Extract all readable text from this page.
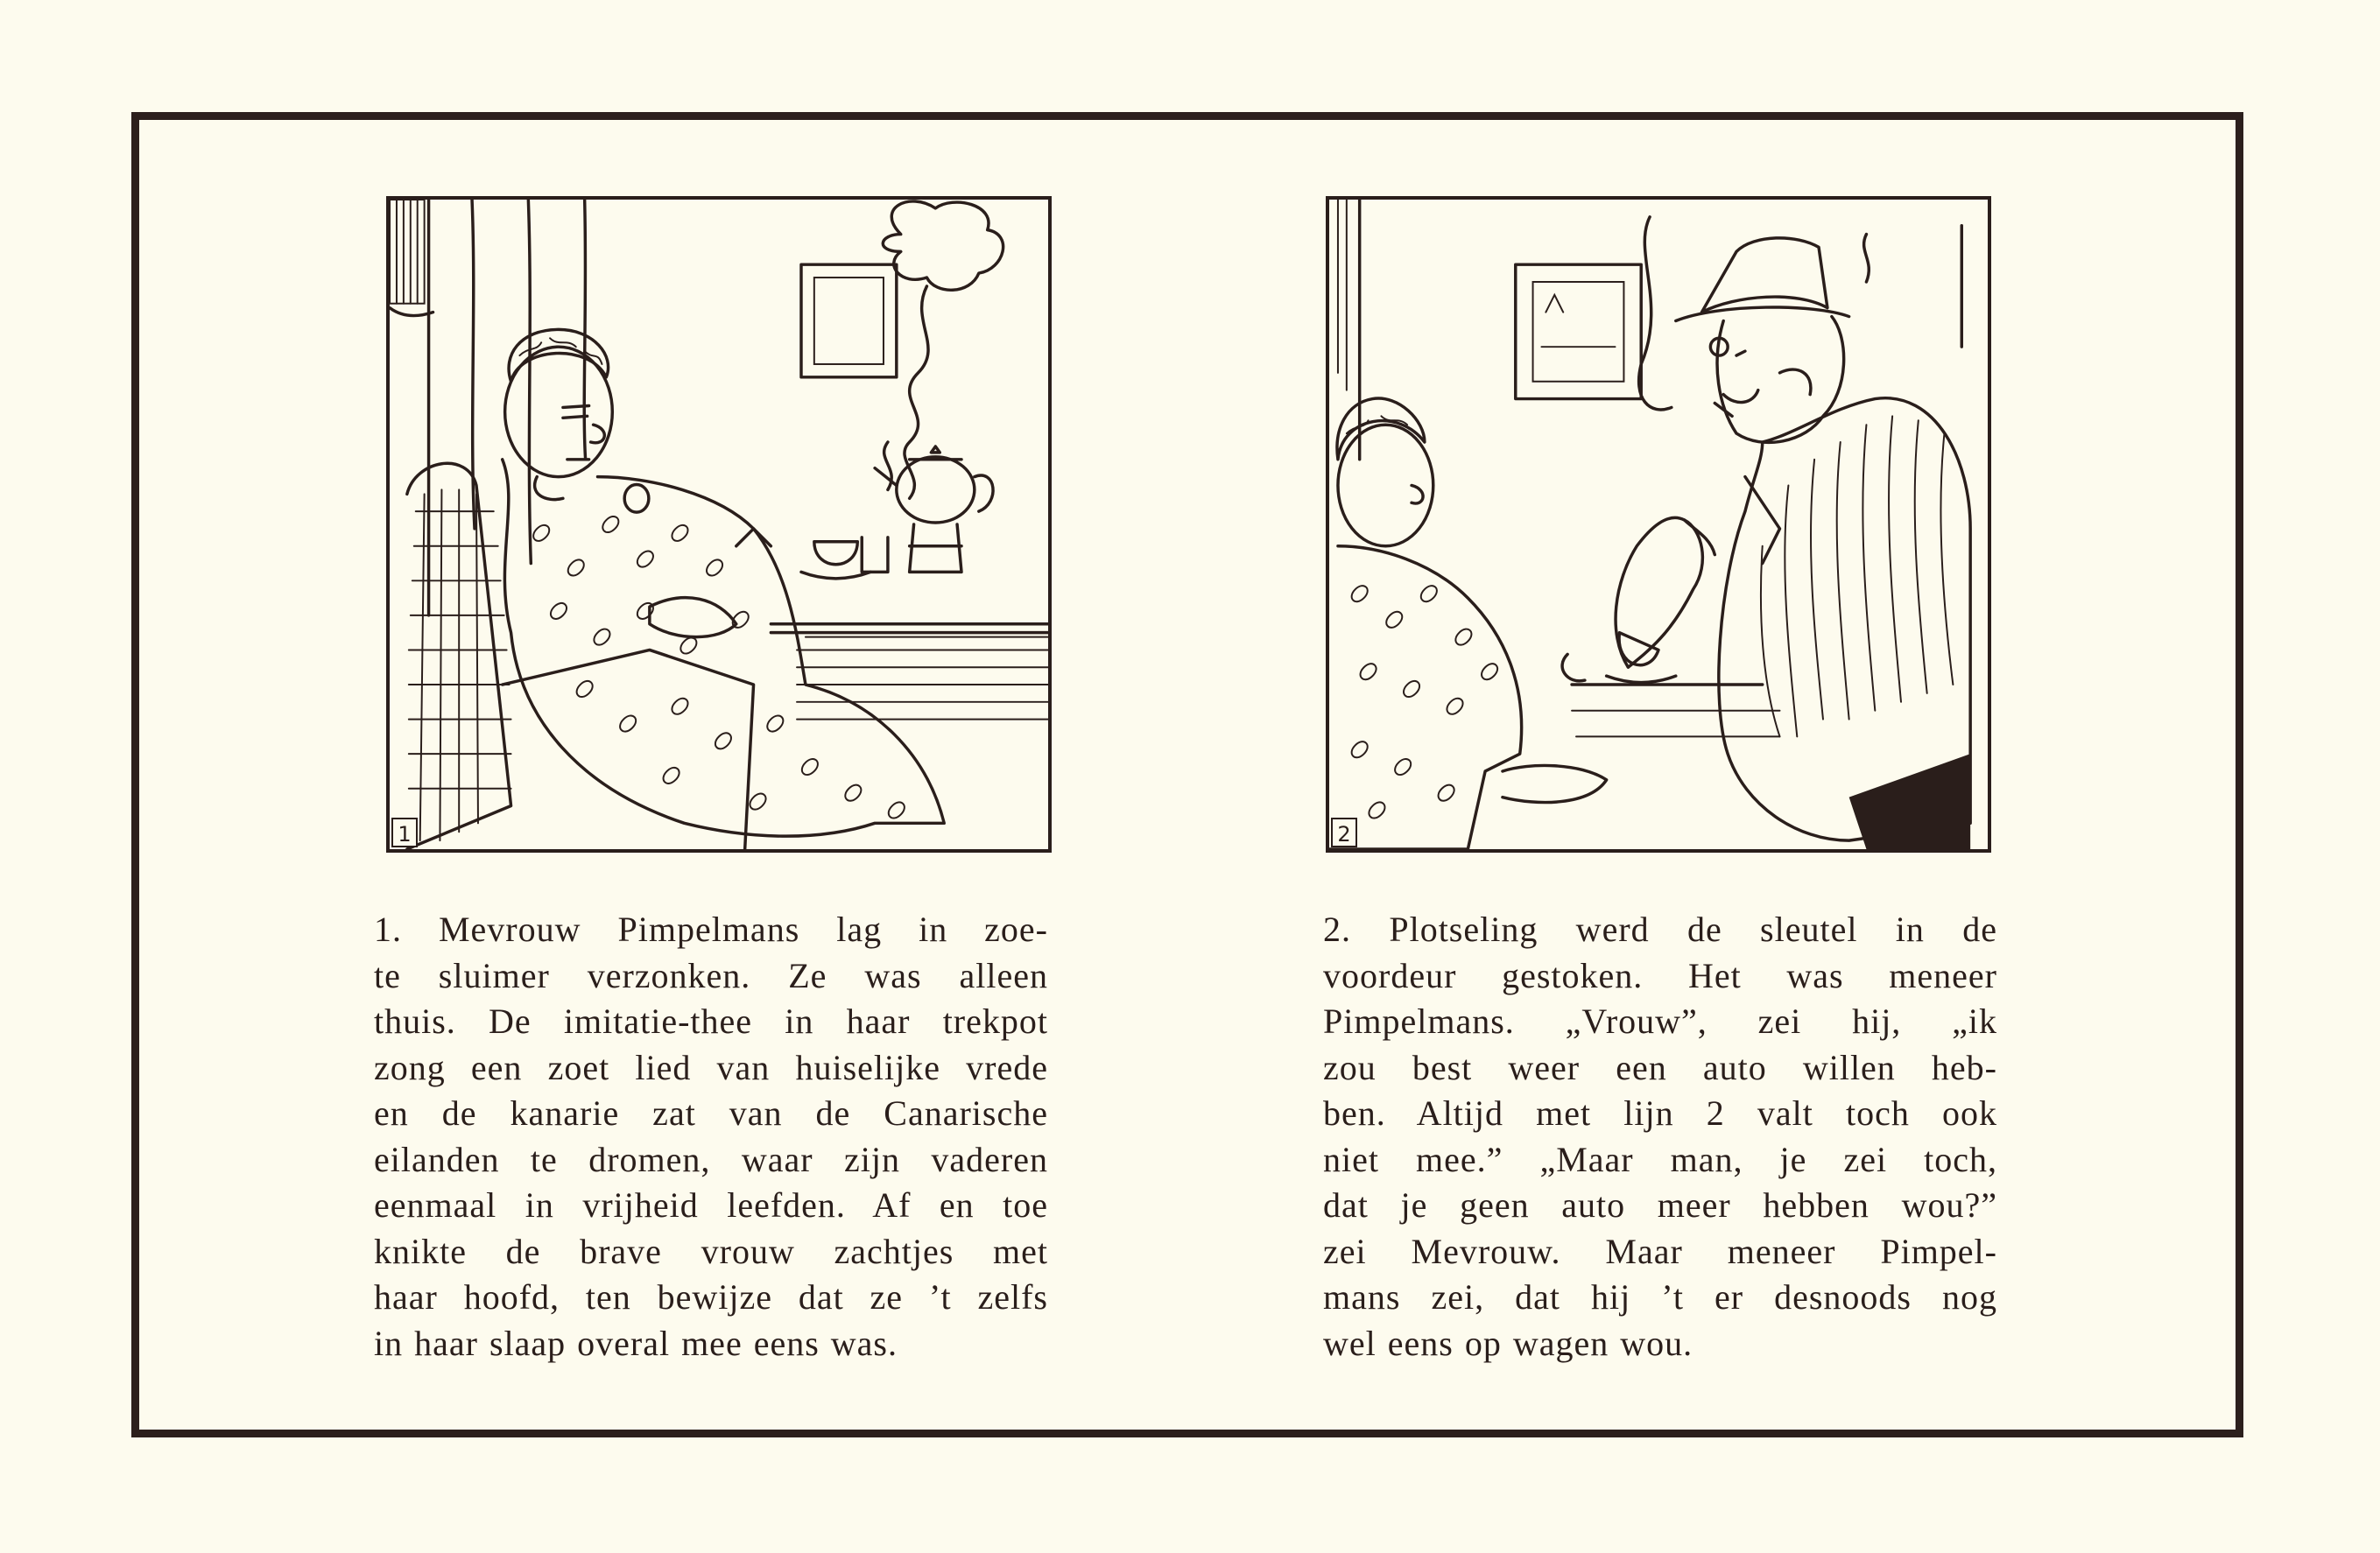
1	2
1. Mevrouw Pimpelmans lag in zoe-
te sluimer verzonken. Ze was alleen
thuis. De imitatie-thee in haar trekpot
zong een zoet lied van huiselijke vrede
en de kanarie zat van de Canarische
eilanden te dromen, waar zijn vaderen
eenmaal in vrijheid leefden. Af en toe
knikte de brave vrouw zachtjes met
haar hoofd, ten bewijze dat ze ’t zelfs
in haar slaap overal mee eens was.
2. Plotseling werd de sleutel in de
voordeur gestoken. Het was meneer
Pimpelmans. „Vrouw”, zei hij, „ik
zou best weer een auto willen heb-
ben. Altijd met lijn 2 valt toch ook
niet mee.” „Maar man, je zei toch,
dat je geen auto meer hebben wou?”
zei Mevrouw. Maar meneer Pimpel-
mans zei, dat hij ’t er desnoods nog
wel eens op wagen wou.
